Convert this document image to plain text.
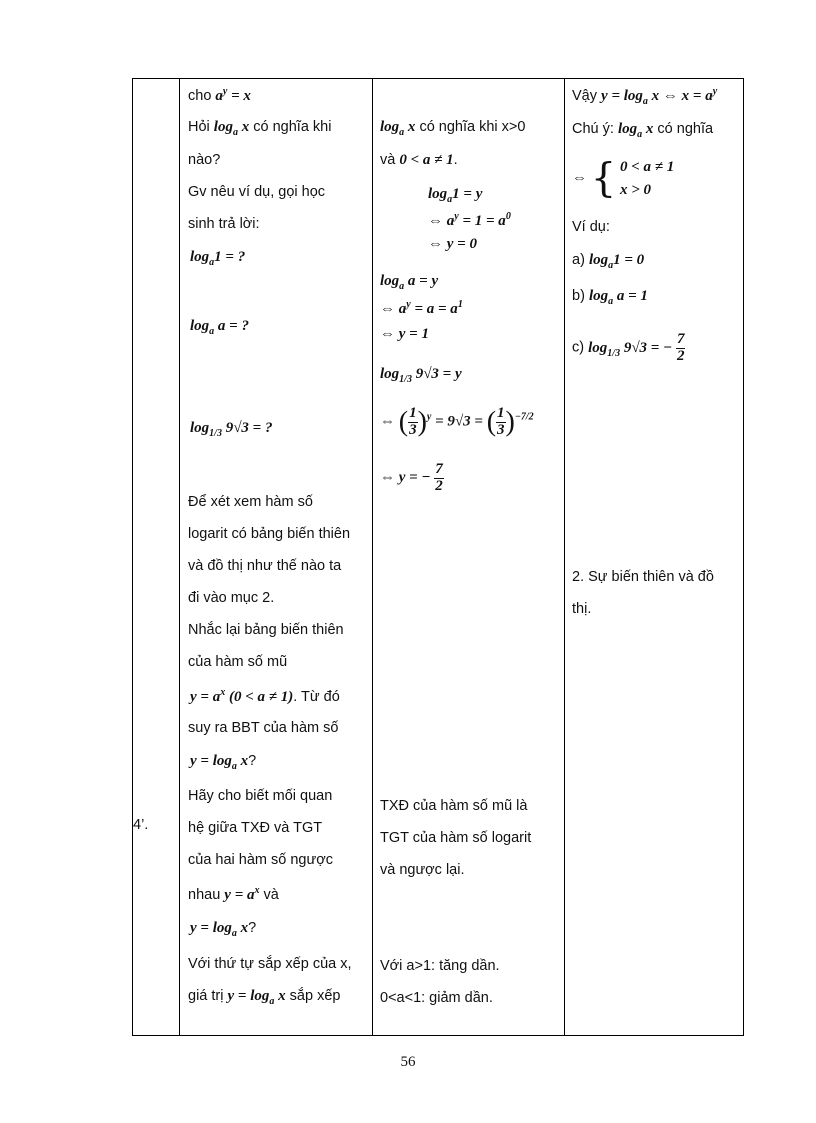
4’.
cho $a^y = x$
Hỏi $\log_a x$ có nghĩa khi
nào?
Gv nêu ví dụ, gọi học
sinh trả lời:
$\log_a1$ = ?
$\log_a a$ = ?
$\log_{1/3} 9√3$ = ?
Để xét xem hàm số
logarit có bảng biến thiên
và đồ thị như thế nào ta
đi vào mục 2.
Nhắc lại bảng biến thiên
của hàm số mũ
$y = a^x$ (0 < a ≠ 1). Từ đó
suy ra BBT của hàm số
$y = \log_a x$?
Hãy cho biết mối quan
hệ giữa TXĐ và TGT
của hai hàm số ngược
nhau $y = a^x$ và
$y = \log_a x$?
Với thứ tự sắp xếp của x,
giá trị $y = \log_a x$ sắp xếp
$\log_a x$ có nghĩa khi x>0
và 0 < a ≠ 1.
$\log_a1 = y$
⇔ $a^y = 1 = a^0$
⇔ y = 0
$\log_a a = y$
⇔ $a^y = a = a^1$
⇔ y = 1
$\log_{1/3} 9√3 = y$
⇔ ( $\frac{1}{3} )^y = 9√3$ = ( $\frac{1}{3} )^{-7/2}$
⇔ y = − $\frac{7}{2}$
TXĐ của hàm số mũ là
TGT của hàm số logarit
và ngược lại.
Với a>1: tăng dần.
0<a<1: giảm dần.
Vậy $y = \log_a x$ ⇔ $x = a^y$
Chú ý: $\log_a x$ có nghĩa
⇔ { 0 < a ≠ 1
x > 0
Ví dụ:
a) $\log_a1 = 0$
b) $\log_a a = 1$
c) $\log_{1/3} 9√3$ = − $\frac{7}{2}$
2. Sự biến thiên và đồ
thị.
56
